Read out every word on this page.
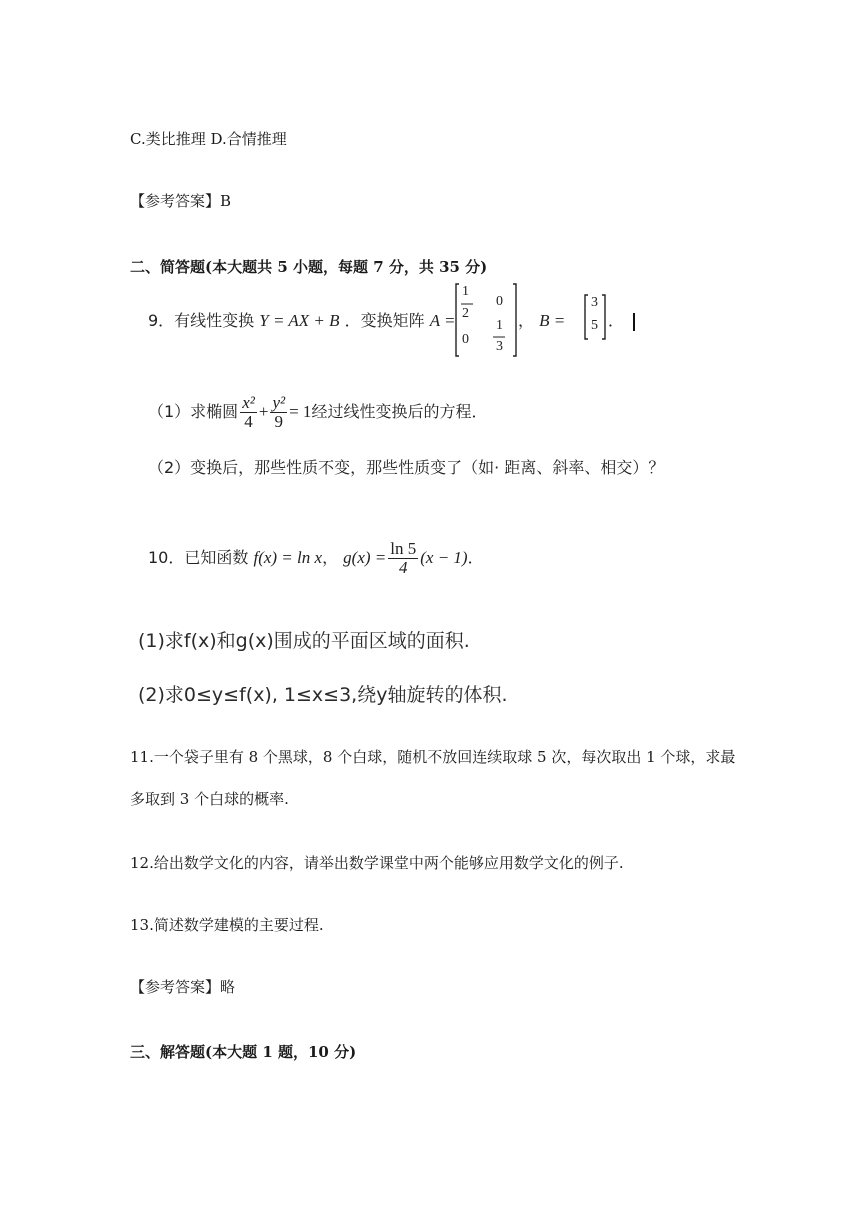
C.类比推理 D.合情推理
【参考答案】B
二、简答题(本大题共 5 小题，每题 7 分，共 35 分)
9．有线性变换 Y = AX + B ．变换矩阵 A =
1
2
0
0
1
3
， B =
3
5 ．
（1）求椭圆 $\frac{\text{x²}}{4} + \frac{\text{y²}}{9} = 1$经过线性变换后的方程．
（2）变换后，那些性质不变，那些性质变了（如· 距离、斜率、相交）？
10．已知函数 f(x) = ln x， $g(x) = \frac{\ln 5}{4} (x - 1)$．
(1)求f(x)和g(x)围成的平面区域的面积.
(2)求0≤y≤f(x), 1≤x≤3,绕y轴旋转的体积.
11.一个袋子里有 8 个黑球，8 个白球，随机不放回连续取球 5 次，每次取出 1 个球，求最
多取到 3 个白球的概率.
12.给出数学文化的内容，请举出数学课堂中两个能够应用数学文化的例子.
13.简述数学建模的主要过程.
【参考答案】略
三、解答题(本大题 1 题，10 分)
